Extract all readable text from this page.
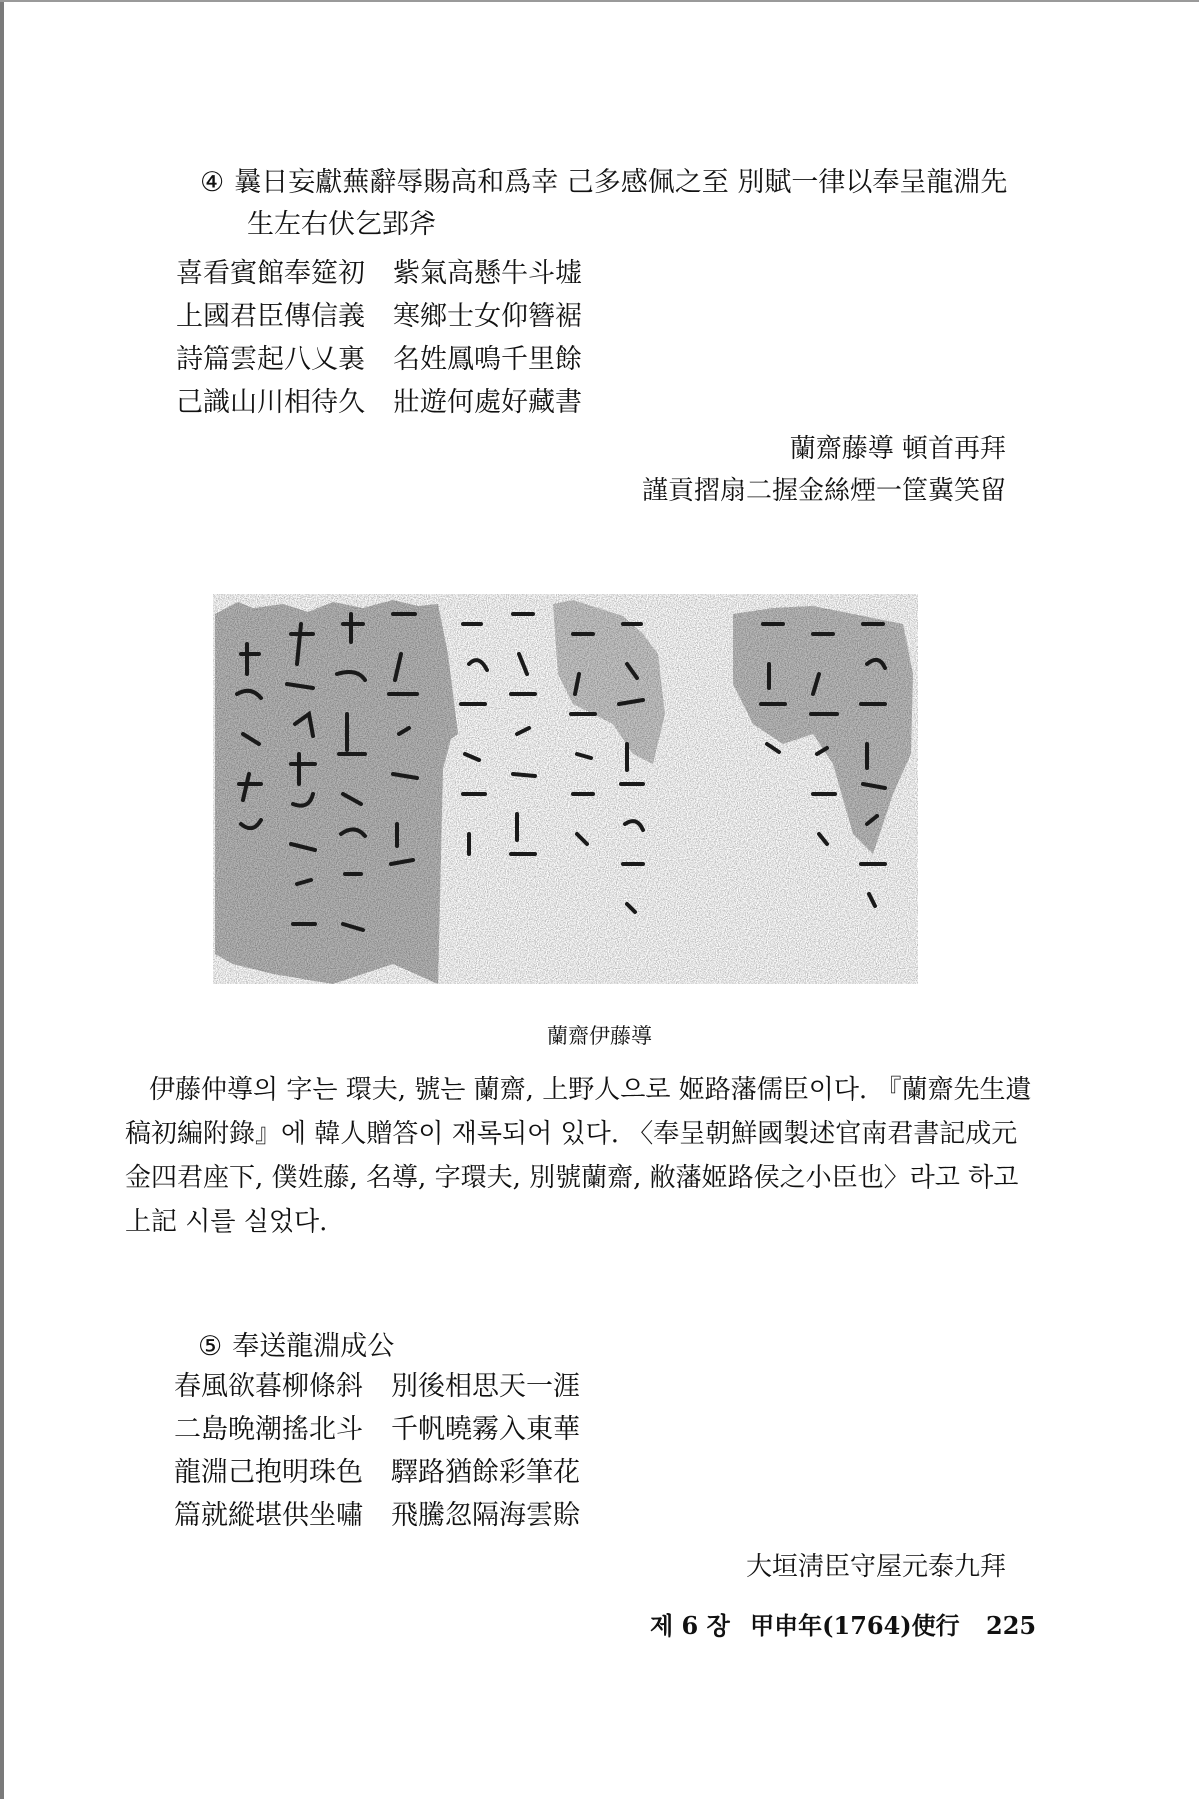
④ 曩日妄獻蕪辭辱賜高和爲幸 己多感佩之至 別賦一律以奉呈龍淵先
生左右伏乞郢斧
喜看賓館奉筵初 紫氣高懸牛斗墟
上國君臣傳信義 寒鄉士女仰簪裾
詩篇雲起八乂裏 名姓鳳鳴千里餘
己識山川相待久 壯遊何處好藏書
蘭齋藤導 頓首再拜
謹貢摺扇二握金絲煙一筐冀笑留
蘭齋伊藤導

伊藤仲導의 字는 環夫, 號는 蘭齋, 上野人으로 姬路藩儒臣이다. 『蘭齋先生遺稿初編附錄』에 韓人贈答이 재록되어 있다. 〈奉呈朝鮮國製述官南君書記成元金四君座下, 僕姓藤, 名導, 字環夫, 別號蘭齋, 敝藩姬路侯之小臣也〉라고 하고 上記 시를 실었다.

⑤ 奉送龍淵成公
春風欲暮柳條斜 別後相思天一涯
二島晩潮搖北斗 千帆曉霧入東華
龍淵己抱明珠色 驛路猶餘彩筆花
篇就縱堪供坐嘯 飛騰忽隔海雲賒
大垣淸臣守屋元泰九拜
제 6 장 甲申年(1764)使行 225
